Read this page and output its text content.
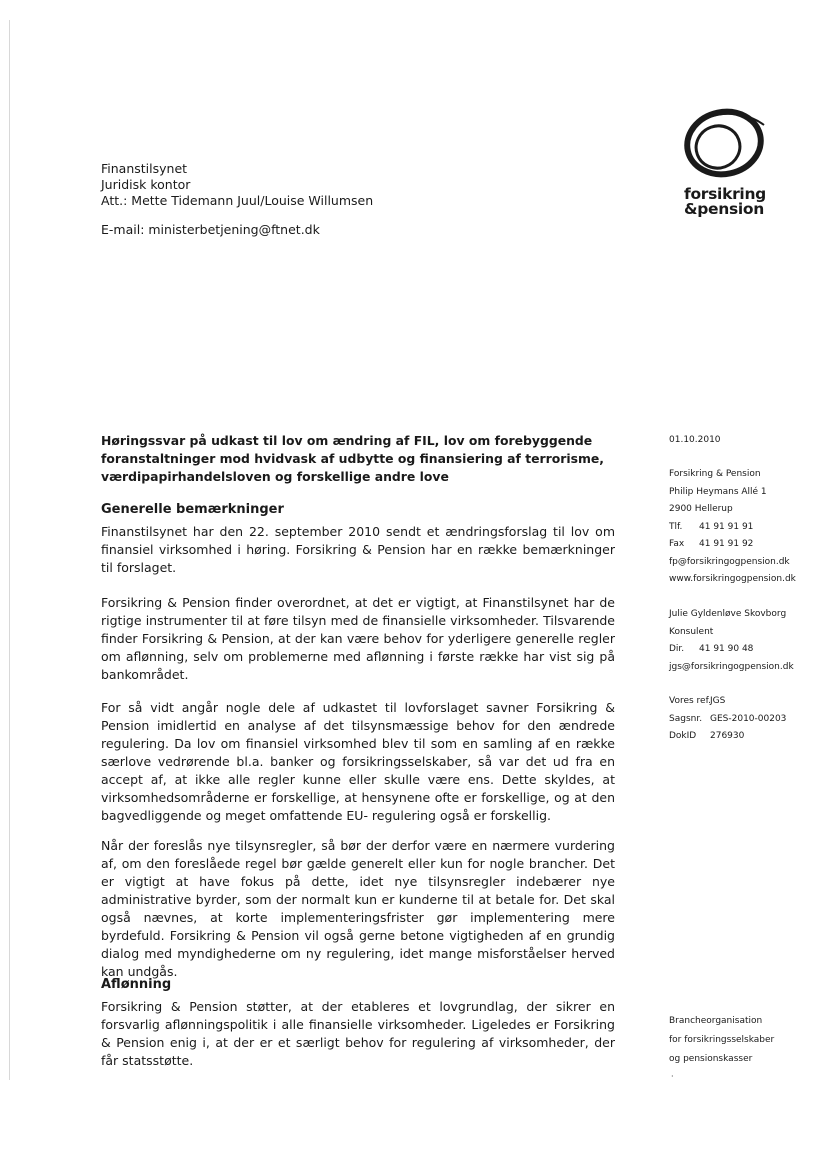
Finanstilsynet
Juridisk kontor
Att.: Mette Tidemann Juul/Louise Willumsen
E-mail: ministerbetjening@ftnet.dk
forsikring
&pension
Høringssvar på udkast til lov om ændring af FIL, lov om forebyggende foranstaltninger mod hvidvask af udbytte og finansiering af terrorisme, værdipapirhandelsloven og forskellige andre love
Generelle bemærkninger
Finanstilsynet har den 22. september 2010 sendt et ændringsforslag til lov om finansiel virksomhed i høring. Forsikring & Pension har en række bemærkninger til forslaget.
Forsikring & Pension finder overordnet, at det er vigtigt, at Finanstilsynet har de rigtige instrumenter til at føre tilsyn med de finansielle virksomheder. Tilsvarende finder Forsikring & Pension, at der kan være behov for yderligere generelle regler om aflønning, selv om problemerne med aflønning i første række har vist sig på bankområdet.
For så vidt angår nogle dele af udkastet til lovforslaget savner Forsikring & Pension imidlertid en analyse af det tilsynsmæssige behov for den ændrede regulering. Da lov om finansiel virksomhed blev til som en samling af en række særlove vedrørende bl.a. banker og forsikringsselskaber, så var det ud fra en accept af, at ikke alle regler kunne eller skulle være ens. Dette skyldes, at virksomhedsområderne er forskellige, at hensynene ofte er forskellige, og at den bagvedliggende og meget omfattende EU- regulering også er forskellig.
Når der foreslås nye tilsynsregler, så bør der derfor være en nærmere vurdering af, om den foreslåede regel bør gælde generelt eller kun for nogle brancher. Det er vigtigt at have fokus på dette, idet nye tilsynsregler indebærer nye administrative byrder, som der normalt kun er kunderne til at betale for. Det skal også nævnes, at korte implementeringsfrister gør implementering mere byrdefuld. Forsikring & Pension vil også gerne betone vigtigheden af en grundig dialog med myndighederne om ny regulering, idet mange misforståelser herved kan undgås.
Aflønning
Forsikring & Pension støtter, at der etableres et lovgrundlag, der sikrer en forsvarlig aflønningspolitik i alle finansielle virksomheder. Ligeledes er Forsikring & Pension enig i, at der er et særligt behov for regulering af virksomheder, der får statsstøtte.
01.10.2010
Forsikring & Pension
Philip Heymans Allé 1
2900 Hellerup
Tlf.	41 91 91 91
Fax	41 91 91 92
fp@forsikringogpension.dk
www.forsikringogpension.dk
Julie Gyldenløve Skovborg
Konsulent
Dir.	41 91 90 48
jgs@forsikringogpension.dk
Vores ref. JGS
Sagsnr. GES-2010-00203
DokID	276930
Brancheorganisation
for forsikringsselskaber
og pensionskasser
·
